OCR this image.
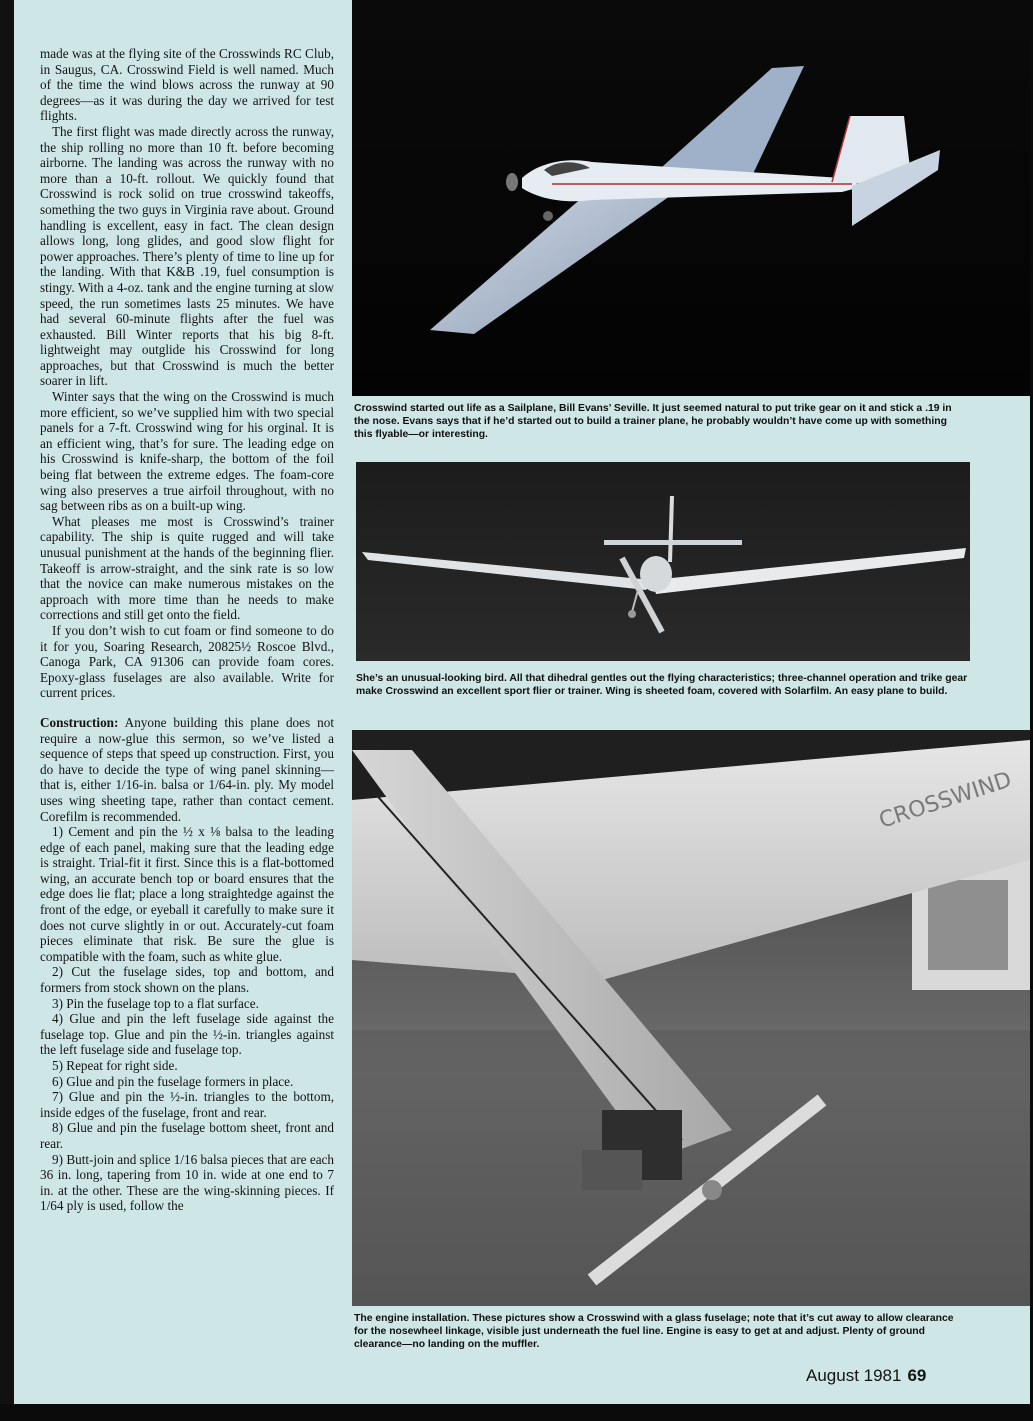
made was at the flying site of the Crosswinds RC Club, in Saugus, CA. Crosswind Field is well named. Much of the time the wind blows across the runway at 90 degrees—as it was during the day we arrived for test flights.

The first flight was made directly across the runway, the ship rolling no more than 10 ft. before becoming airborne. The landing was across the runway with no more than a 10-ft. rollout. We quickly found that Crosswind is rock solid on true crosswind takeoffs, something the two guys in Virginia rave about. Ground handling is excellent, easy in fact. The clean design allows long, long glides, and good slow flight for power approaches. There’s plenty of time to line up for the landing. With that K&B .19, fuel consumption is stingy. With a 4-oz. tank and the engine turning at slow speed, the run sometimes lasts 25 minutes. We have had several 60-minute flights after the fuel was exhausted. Bill Winter reports that his big 8-ft. lightweight may outglide his Crosswind for long approaches, but that Crosswind is much the better soarer in lift.

Winter says that the wing on the Crosswind is much more efficient, so we’ve supplied him with two special panels for a 7-ft. Crosswind wing for his orginal. It is an efficient wing, that’s for sure. The leading edge on his Crosswind is knife-sharp, the bottom of the foil being flat between the extreme edges. The foam-core wing also preserves a true airfoil throughout, with no sag between ribs as on a built-up wing.

What pleases me most is Crosswind’s trainer capability. The ship is quite rugged and will take unusual punishment at the hands of the beginning flier. Takeoff is arrow-straight, and the sink rate is so low that the novice can make numerous mistakes on the approach with more time than he needs to make corrections and still get onto the field.

If you don’t wish to cut foam or find someone to do it for you, Soaring Research, 20825½ Roscoe Blvd., Canoga Park, CA 91306 can provide foam cores. Epoxy-glass fuselages are also available. Write for current prices.

Construction: Anyone building this plane does not require a now-glue this sermon, so we’ve listed a sequence of steps that speed up construction. First, you do have to decide the type of wing panel skinning—that is, either 1/16-in. balsa or 1/64-in. ply. My model uses wing sheeting tape, rather than contact cement. Corefilm is recommended.

1) Cement and pin the ½ x ⅛ balsa to the leading edge of each panel, making sure that the leading edge is straight. Trial-fit it first. Since this is a flat-bottomed wing, an accurate bench top or board ensures that the edge does lie flat; place a long straightedge against the front of the edge, or eyeball it carefully to make sure it does not curve slightly in or out. Accurately-cut foam pieces eliminate that risk. Be sure the glue is compatible with the foam, such as white glue.

2) Cut the fuselage sides, top and bottom, and formers from stock shown on the plans.

3) Pin the fuselage top to a flat surface.

4) Glue and pin the left fuselage side against the fuselage top. Glue and pin the ½-in. triangles against the left fuselage side and fuselage top.

5) Repeat for right side.

6) Glue and pin the fuselage formers in place.

7) Glue and pin the ½-in. triangles to the bottom, inside edges of the fuselage, front and rear.

8) Glue and pin the fuselage bottom sheet, front and rear.

9) Butt-join and splice 1/16 balsa pieces that are each 36 in. long, tapering from 10 in. wide at one end to 7 in. at the other. These are the wing-skinning pieces. If 1/64 ply is used, follow the

Crosswind started out life as a Sailplane, Bill Evans’ Seville. It just seemed natural to put trike gear on it and stick a .19 in the nose. Evans says that if he’d started out to build a trainer plane, he probably wouldn’t have come up with something this flyable—or interesting.
She’s an unusual-looking bird. All that dihedral gentles out the flying characteristics; three-channel operation and trike gear make Crosswind an excellent sport flier or trainer. Wing is sheeted foam, covered with Solarfilm. An easy plane to build.
CROSSWIND
The engine installation. These pictures show a Crosswind with a glass fuselage; note that it’s cut away to allow clearance for the nosewheel linkage, visible just underneath the fuel line. Engine is easy to get at and adjust. Plenty of ground clearance—no landing on the muffler.
August 1981 69
